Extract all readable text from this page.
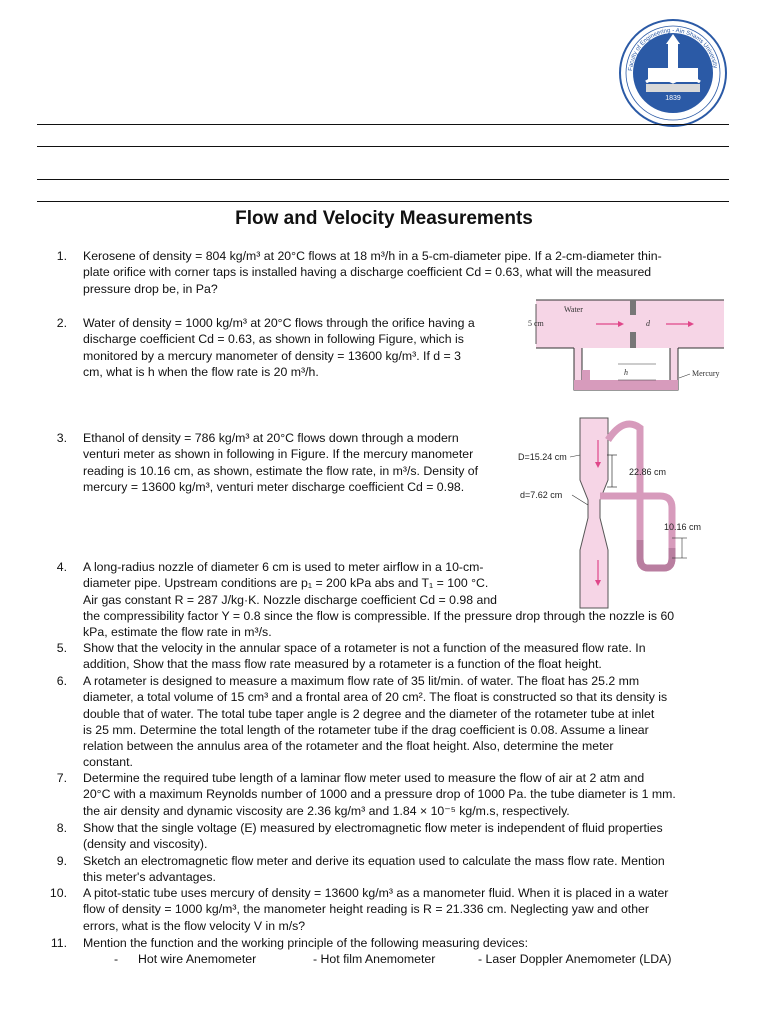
1839
Faculty of Engineering - Ain Shams University
Flow and Velocity Measurements
1. Kerosene of density = 804 kg/m³ at 20°C flows at 18 m³/h in a 5-cm-diameter pipe. If a 2-cm-diameter thin-
plate orifice with corner taps is installed having a discharge coefficient Cd = 0.63, what will the measured
pressure drop be, in Pa?
2. Water of density = 1000 kg/m³ at 20°C flows through the orifice having a
discharge coefficient Cd = 0.63, as shown in following Figure, which is
monitored by a mercury manometer of density = 13600 kg/m³. If d = 3
cm, what is h when the flow rate is 20 m³/h.
Water
5 cm	d
h	Mercury
3. Ethanol of density = 786 kg/m³ at 20°C flows down through a modern
venturi meter as shown in following in Figure. If the mercury manometer
reading is 10.16 cm, as shown, estimate the flow rate, in m³/s. Density of
mercury = 13600 kg/m³, venturi meter discharge coefficient Cd = 0.98.
22.86 cm
D=15.24 cm
d=7.62 cm
10.16 cm
4. A long-radius nozzle of diameter 6 cm is used to meter airflow in a 10-cm-
diameter pipe. Upstream conditions are p₁ = 200 kPa abs and T₁ = 100 °C.
Air gas constant R = 287 J/kg·K. Nozzle discharge coefficient Cd = 0.98 and
the compressibility factor Y = 0.8 since the flow is compressible. If the pressure drop through the nozzle is 60
kPa, estimate the flow rate in m³/s.
5. Show that the velocity in the annular space of a rotameter is not a function of the measured flow rate. In
addition, Show that the mass flow rate measured by a rotameter is a function of the float height.
6. A rotameter is designed to measure a maximum flow rate of 35 lit/min. of water. The float has 25.2 mm
diameter, a total volume of 15 cm³ and a frontal area of 20 cm². The float is constructed so that its density is
double that of water. The total tube taper angle is 2 degree and the diameter of the rotameter tube at inlet
is 25 mm. Determine the total length of the rotameter tube if the drag coefficient is 0.08. Assume a linear
relation between the annulus area of the rotameter and the float height. Also, determine the meter
constant.
7. Determine the required tube length of a laminar flow meter used to measure the flow of air at 2 atm and
20°C with a maximum Reynolds number of 1000 and a pressure drop of 1000 Pa. the tube diameter is 1 mm.
the air density and dynamic viscosity are 2.36 kg/m³ and 1.84 × 10⁻⁵ kg/m.s, respectively.
8. Show that the single voltage (E) measured by electromagnetic flow meter is independent of fluid properties
(density and viscosity).
9. Sketch an electromagnetic flow meter and derive its equation used to calculate the mass flow rate. Mention
this meter's advantages.
10. A pitot-static tube uses mercury of density = 13600 kg/m³ as a manometer fluid. When it is placed in a water
flow of density = 1000 kg/m³, the manometer height reading is R = 21.336 cm. Neglecting yaw and other
errors, what is the flow velocity V in m/s?
11. Mention the function and the working principle of the following measuring devices:
- Hot wire Anemometer	- Hot film Anemometer	- Laser Doppler Anemometer (LDA)
